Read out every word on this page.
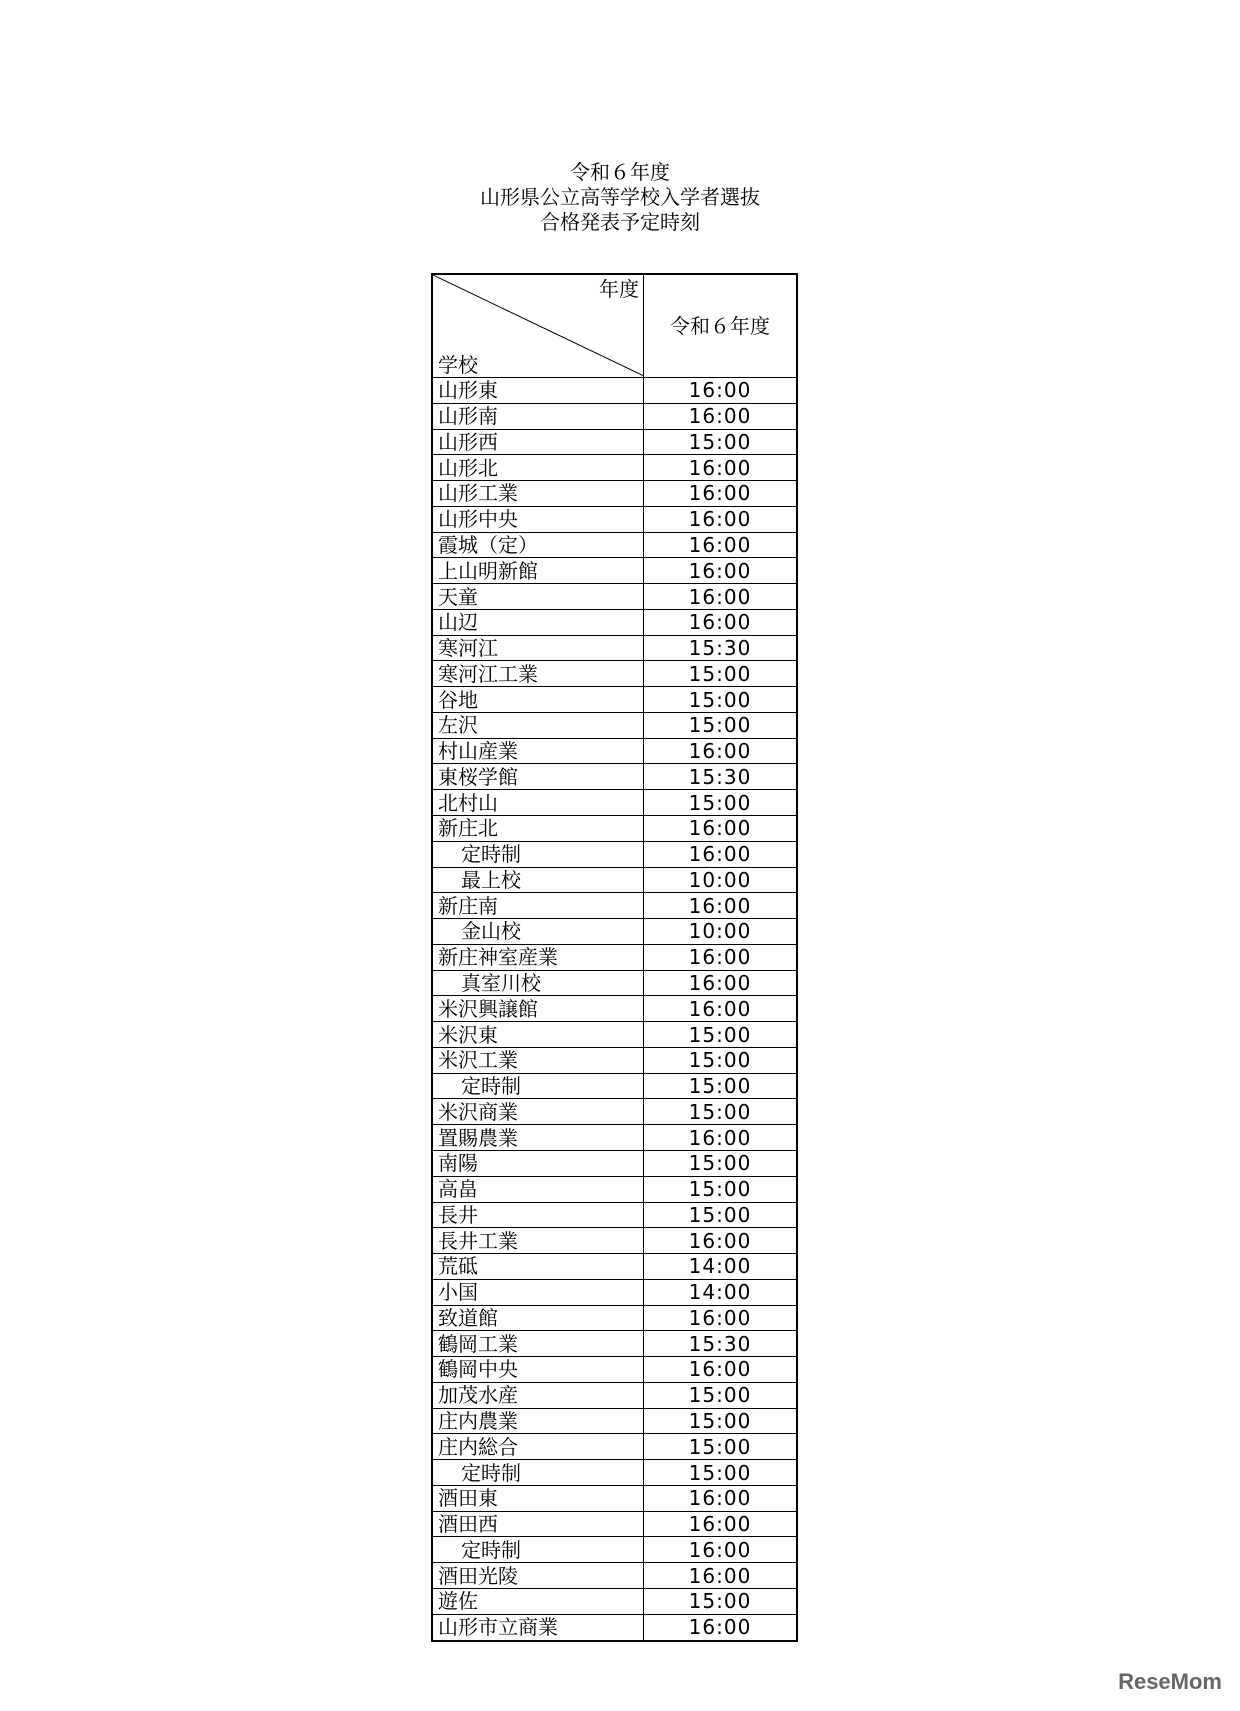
令和６年度
山形県公立高等学校入学者選抜
合格発表予定時刻
年度
学校	令和６年度
山形東	16:00
山形南	16:00
山形西	15:00
山形北	16:00
山形工業	16:00
山形中央	16:00
霞城（定）	16:00
上山明新館	16:00
天童	16:00
山辺	16:00
寒河江	15:30
寒河江工業	15:00
谷地	15:00
左沢	15:00
村山産業	16:00
東桜学館	15:30
北村山	15:00
新庄北	16:00
定時制	16:00
最上校	10:00
新庄南	16:00
金山校	10:00
新庄神室産業	16:00
真室川校	16:00
米沢興譲館	16:00
米沢東	15:00
米沢工業	15:00
定時制	15:00
米沢商業	15:00
置賜農業	16:00
南陽	15:00
高畠	15:00
長井	15:00
長井工業	16:00
荒砥	14:00
小国	14:00
致道館	16:00
鶴岡工業	15:30
鶴岡中央	16:00
加茂水産	15:00
庄内農業	15:00
庄内総合	15:00
定時制	15:00
酒田東	16:00
酒田西	16:00
定時制	16:00
酒田光陵	16:00
遊佐	15:00
山形市立商業	16:00
ReseMom
